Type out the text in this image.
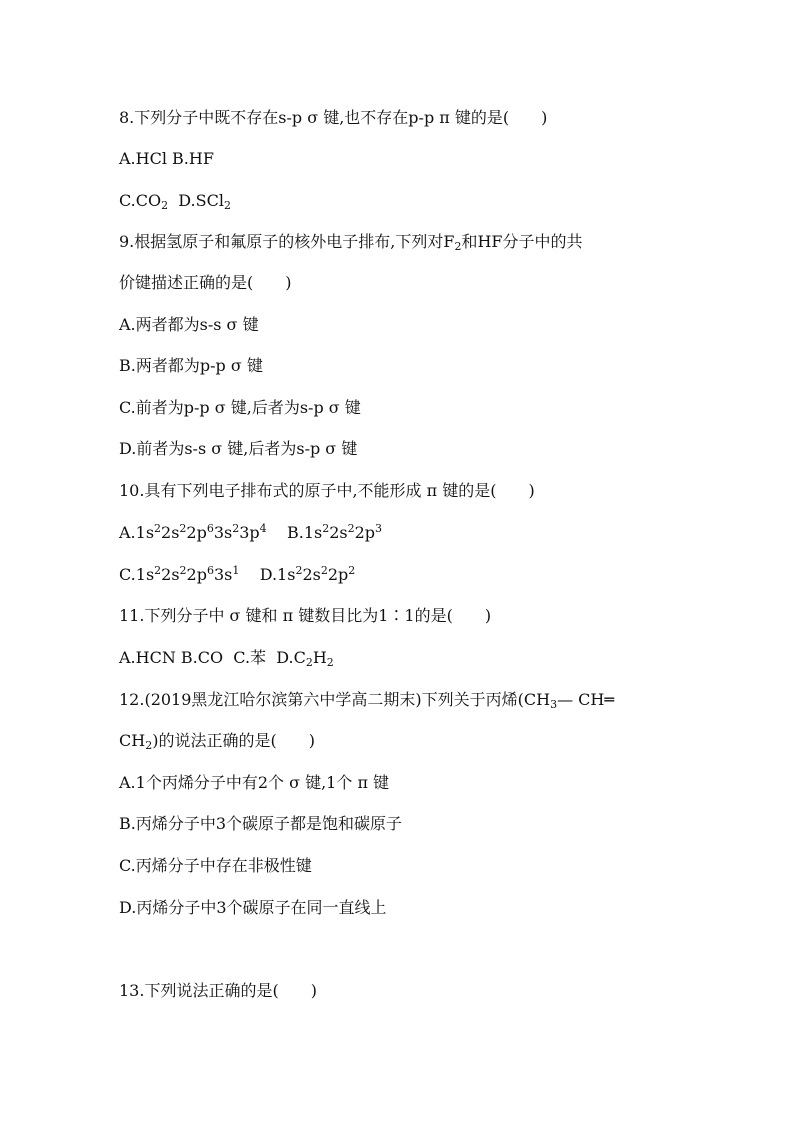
8.下列分子中既不存在s-p σ 键,也不存在p-p π 键的是(　　)
A.HCl B.HF
$C.CO_2$  D.SCl$_2$
9.根据氢原子和氟原子的核外电子排布,下列对$F_2$和HF分子中的共
价键描述正确的是(　　)
A.两者都为s-s σ 键
B.两者都为p-p σ 键
C.前者为p-p σ 键,后者为s-p σ 键
D.前者为s-s σ 键,后者为s-p σ 键
10.具有下列电子排布式的原子中,不能形成 π 键的是(　　)
$A.1s^22s^22p^63s^23p^4$    $B.1s^22s^22p^3$
$C.1s^22s^22p^63s^1$    $D.1s^22s^22p^2$
11.下列分子中 σ 键和 π 键数目比为1∶1的是(　　)
A.HCN B.CO  C.苯  $D.C_2H_2$
12.(2019黑龙江哈尔滨第六中学高二期末)下列关于丙烯($CH_3—$ CH═
$CH_2$)的说法正确的是(　　)
A.1个丙烯分子中有2个 σ 键,1个 π 键
B.丙烯分子中3个碳原子都是饱和碳原子
C.丙烯分子中存在非极性键
D.丙烯分子中3个碳原子在同一直线上
13.下列说法正确的是(　　)
